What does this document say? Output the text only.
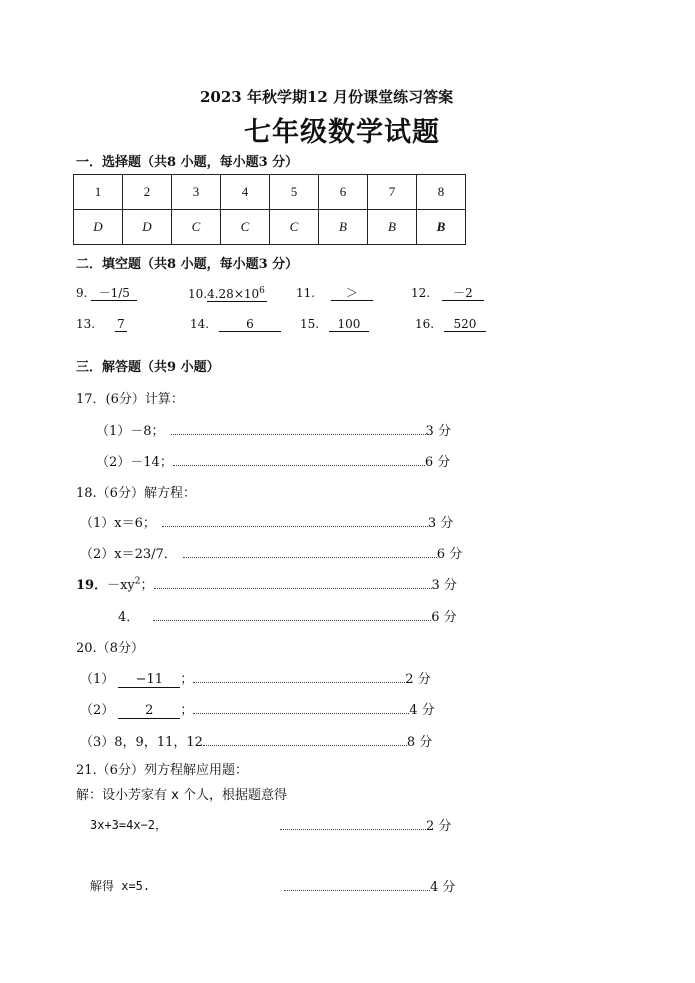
2023 年秋学期12 月份课堂练习答案
七年级数学试题
一．选择题（共8 小题，每小题3 分）
1	2	3	4	5	6	7	8
D	D	C	C	C	B	B	B
二．填空题（共8 小题，每小题3 分）
9. －1/5	$10.4.28\times 10^6$	11.	＞	12. －2
13. 7	14.	6	15. 100	16. 520
三．解答题（共9 小题）
17．(6分）计算：
（1）－8；	3 分
（2）－14；	6 分
18.（6分）解方程：
（1）x＝6；	3 分
（2）x＝23/7．	6 分
19．$-xy^2$；	3 分
4．	6 分
20.（8分）
（1） −11 ；	2 分
（2） 2 ；	4 分
（3）8，9，11，12	8 分
21.（6分）列方程解应用题：
解：设小芳家有 x 个人，根据题意得
3x+3=4x−2，	2 分
解得 x=5.	4 分
